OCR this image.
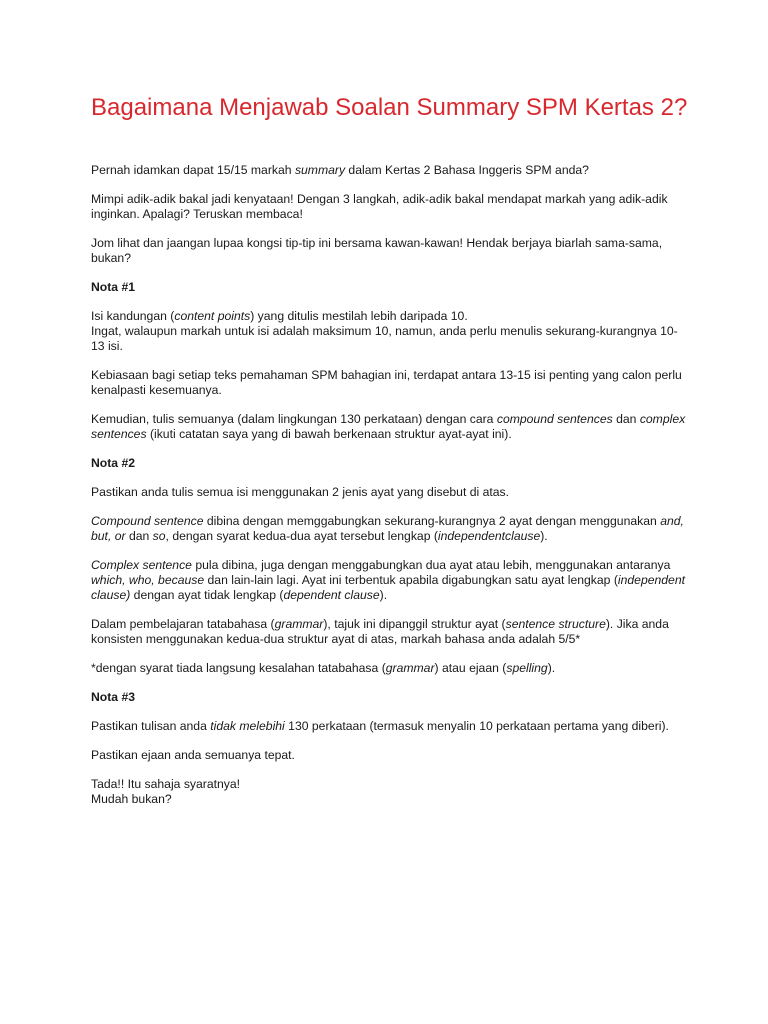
Bagaimana Menjawab Soalan Summary SPM Kertas 2?

Pernah idamkan dapat 15/15 markah summary dalam Kertas 2 Bahasa Inggeris SPM anda?

Mimpi adik-adik bakal jadi kenyataan! Dengan 3 langkah, adik-adik bakal mendapat markah yang adik-adik inginkan. Apalagi? Teruskan membaca!

Jom lihat dan jaangan lupaa kongsi tip-tip ini bersama kawan-kawan! Hendak berjaya biarlah sama-sama, bukan?

Nota #1

Isi kandungan (content points) yang ditulis mestilah lebih daripada 10.
Ingat, walaupun markah untuk isi adalah maksimum 10, namun, anda perlu menulis sekurang-kurangnya 10-13 isi.

Kebiasaan bagi setiap teks pemahaman SPM bahagian ini, terdapat antara 13-15 isi penting yang calon perlu kenalpasti kesemuanya.

Kemudian, tulis semuanya (dalam lingkungan 130 perkataan) dengan cara compound sentences dan complex sentences (ikuti catatan saya yang di bawah berkenaan struktur ayat-ayat ini).

Nota #2

Pastikan anda tulis semua isi menggunakan 2 jenis ayat yang disebut di atas.

Compound sentence dibina dengan memggabungkan sekurang-kurangnya 2 ayat dengan menggunakan and, but, or dan so, dengan syarat kedua-dua ayat tersebut lengkap (independentclause).

Complex sentence pula dibina, juga dengan menggabungkan dua ayat atau lebih, menggunakan antaranya which, who, because dan lain-lain lagi. Ayat ini terbentuk apabila digabungkan satu ayat lengkap (independent clause) dengan ayat tidak lengkap (dependent clause).

Dalam pembelajaran tatabahasa (grammar), tajuk ini dipanggil struktur ayat (sentence structure). Jika anda konsisten menggunakan kedua-dua struktur ayat di atas, markah bahasa anda adalah 5/5*

*dengan syarat tiada langsung kesalahan tatabahasa (grammar) atau ejaan (spelling).

Nota #3

Pastikan tulisan anda tidak melebihi 130 perkataan (termasuk menyalin 10 perkataan pertama yang diberi).

Pastikan ejaan anda semuanya tepat.

Tada!! Itu sahaja syaratnya!
Mudah bukan?
